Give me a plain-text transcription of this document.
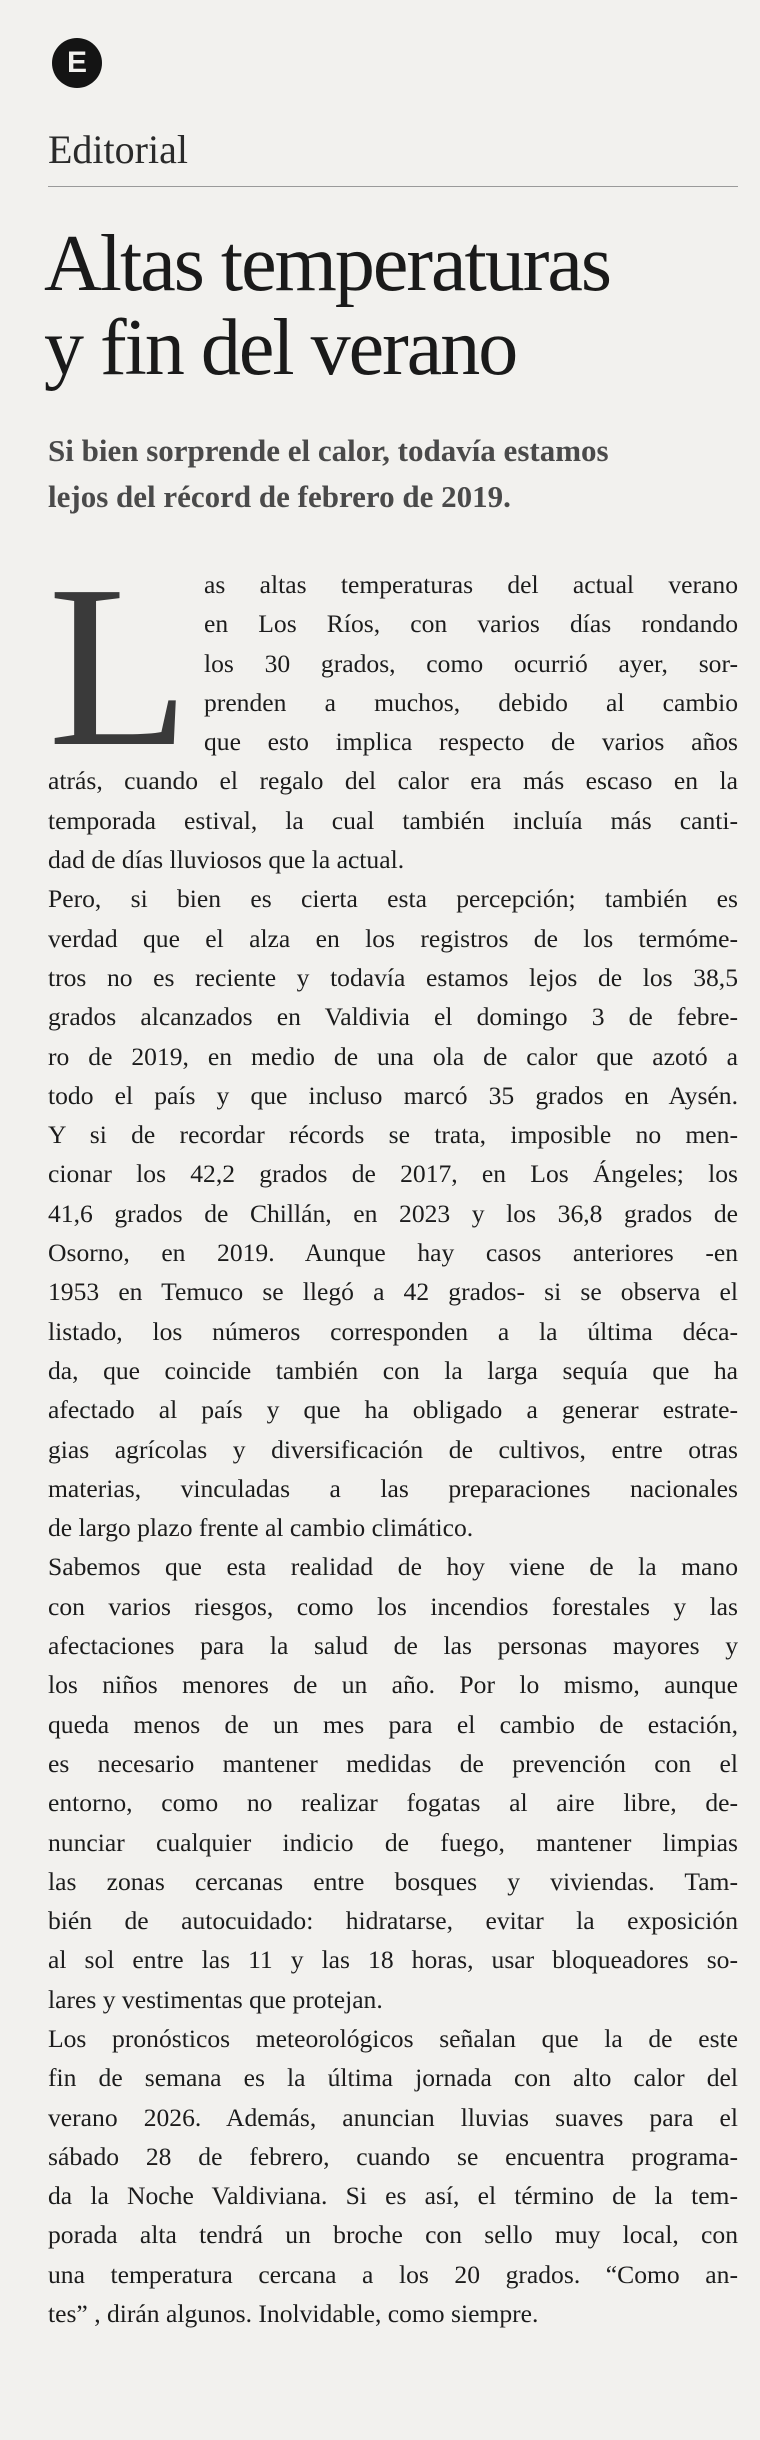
E
Editorial
Altas temperaturas
y fin del verano
Si bien sorprende el calor, todavía estamos
lejos del récord de febrero de 2019.
L as altas temperaturas del actual verano
en Los Ríos, con varios días rondando
los 30 grados, como ocurrió ayer, sor-
prenden a muchos, debido al cambio
que esto implica respecto de varios años
atrás, cuando el regalo del calor era más escaso en la
temporada estival, la cual también incluía más canti-
dad de días lluviosos que la actual.
Pero, si bien es cierta esta percepción; también es
verdad que el alza en los registros de los termóme-
tros no es reciente y todavía estamos lejos de los 38,5
grados alcanzados en Valdivia el domingo 3 de febre-
ro de 2019, en medio de una ola de calor que azotó a
todo el país y que incluso marcó 35 grados en Aysén.
Y si de recordar récords se trata, imposible no men-
cionar los 42,2 grados de 2017, en Los Ángeles; los
41,6 grados de Chillán, en 2023 y los 36,8 grados de
Osorno, en 2019. Aunque hay casos anteriores -en
1953 en Temuco se llegó a 42 grados- si se observa el
listado, los números corresponden a la última déca-
da, que coincide también con la larga sequía que ha
afectado al país y que ha obligado a generar estrate-
gias agrícolas y diversificación de cultivos, entre otras
materias, vinculadas a las preparaciones nacionales
de largo plazo frente al cambio climático.
Sabemos que esta realidad de hoy viene de la mano
con varios riesgos, como los incendios forestales y las
afectaciones para la salud de las personas mayores y
los niños menores de un año. Por lo mismo, aunque
queda menos de un mes para el cambio de estación,
es necesario mantener medidas de prevención con el
entorno, como no realizar fogatas al aire libre, de-
nunciar cualquier indicio de fuego, mantener limpias
las zonas cercanas entre bosques y viviendas. Tam-
bién de autocuidado: hidratarse, evitar la exposición
al sol entre las 11 y las 18 horas, usar bloqueadores so-
lares y vestimentas que protejan.
Los pronósticos meteorológicos señalan que la de este
fin de semana es la última jornada con alto calor del
verano 2026. Además, anuncian lluvias suaves para el
sábado 28 de febrero, cuando se encuentra programa-
da la Noche Valdiviana. Si es así, el término de la tem-
porada alta tendrá un broche con sello muy local, con
una temperatura cercana a los 20 grados. “Como an-
tes” , dirán algunos. Inolvidable, como siempre.
